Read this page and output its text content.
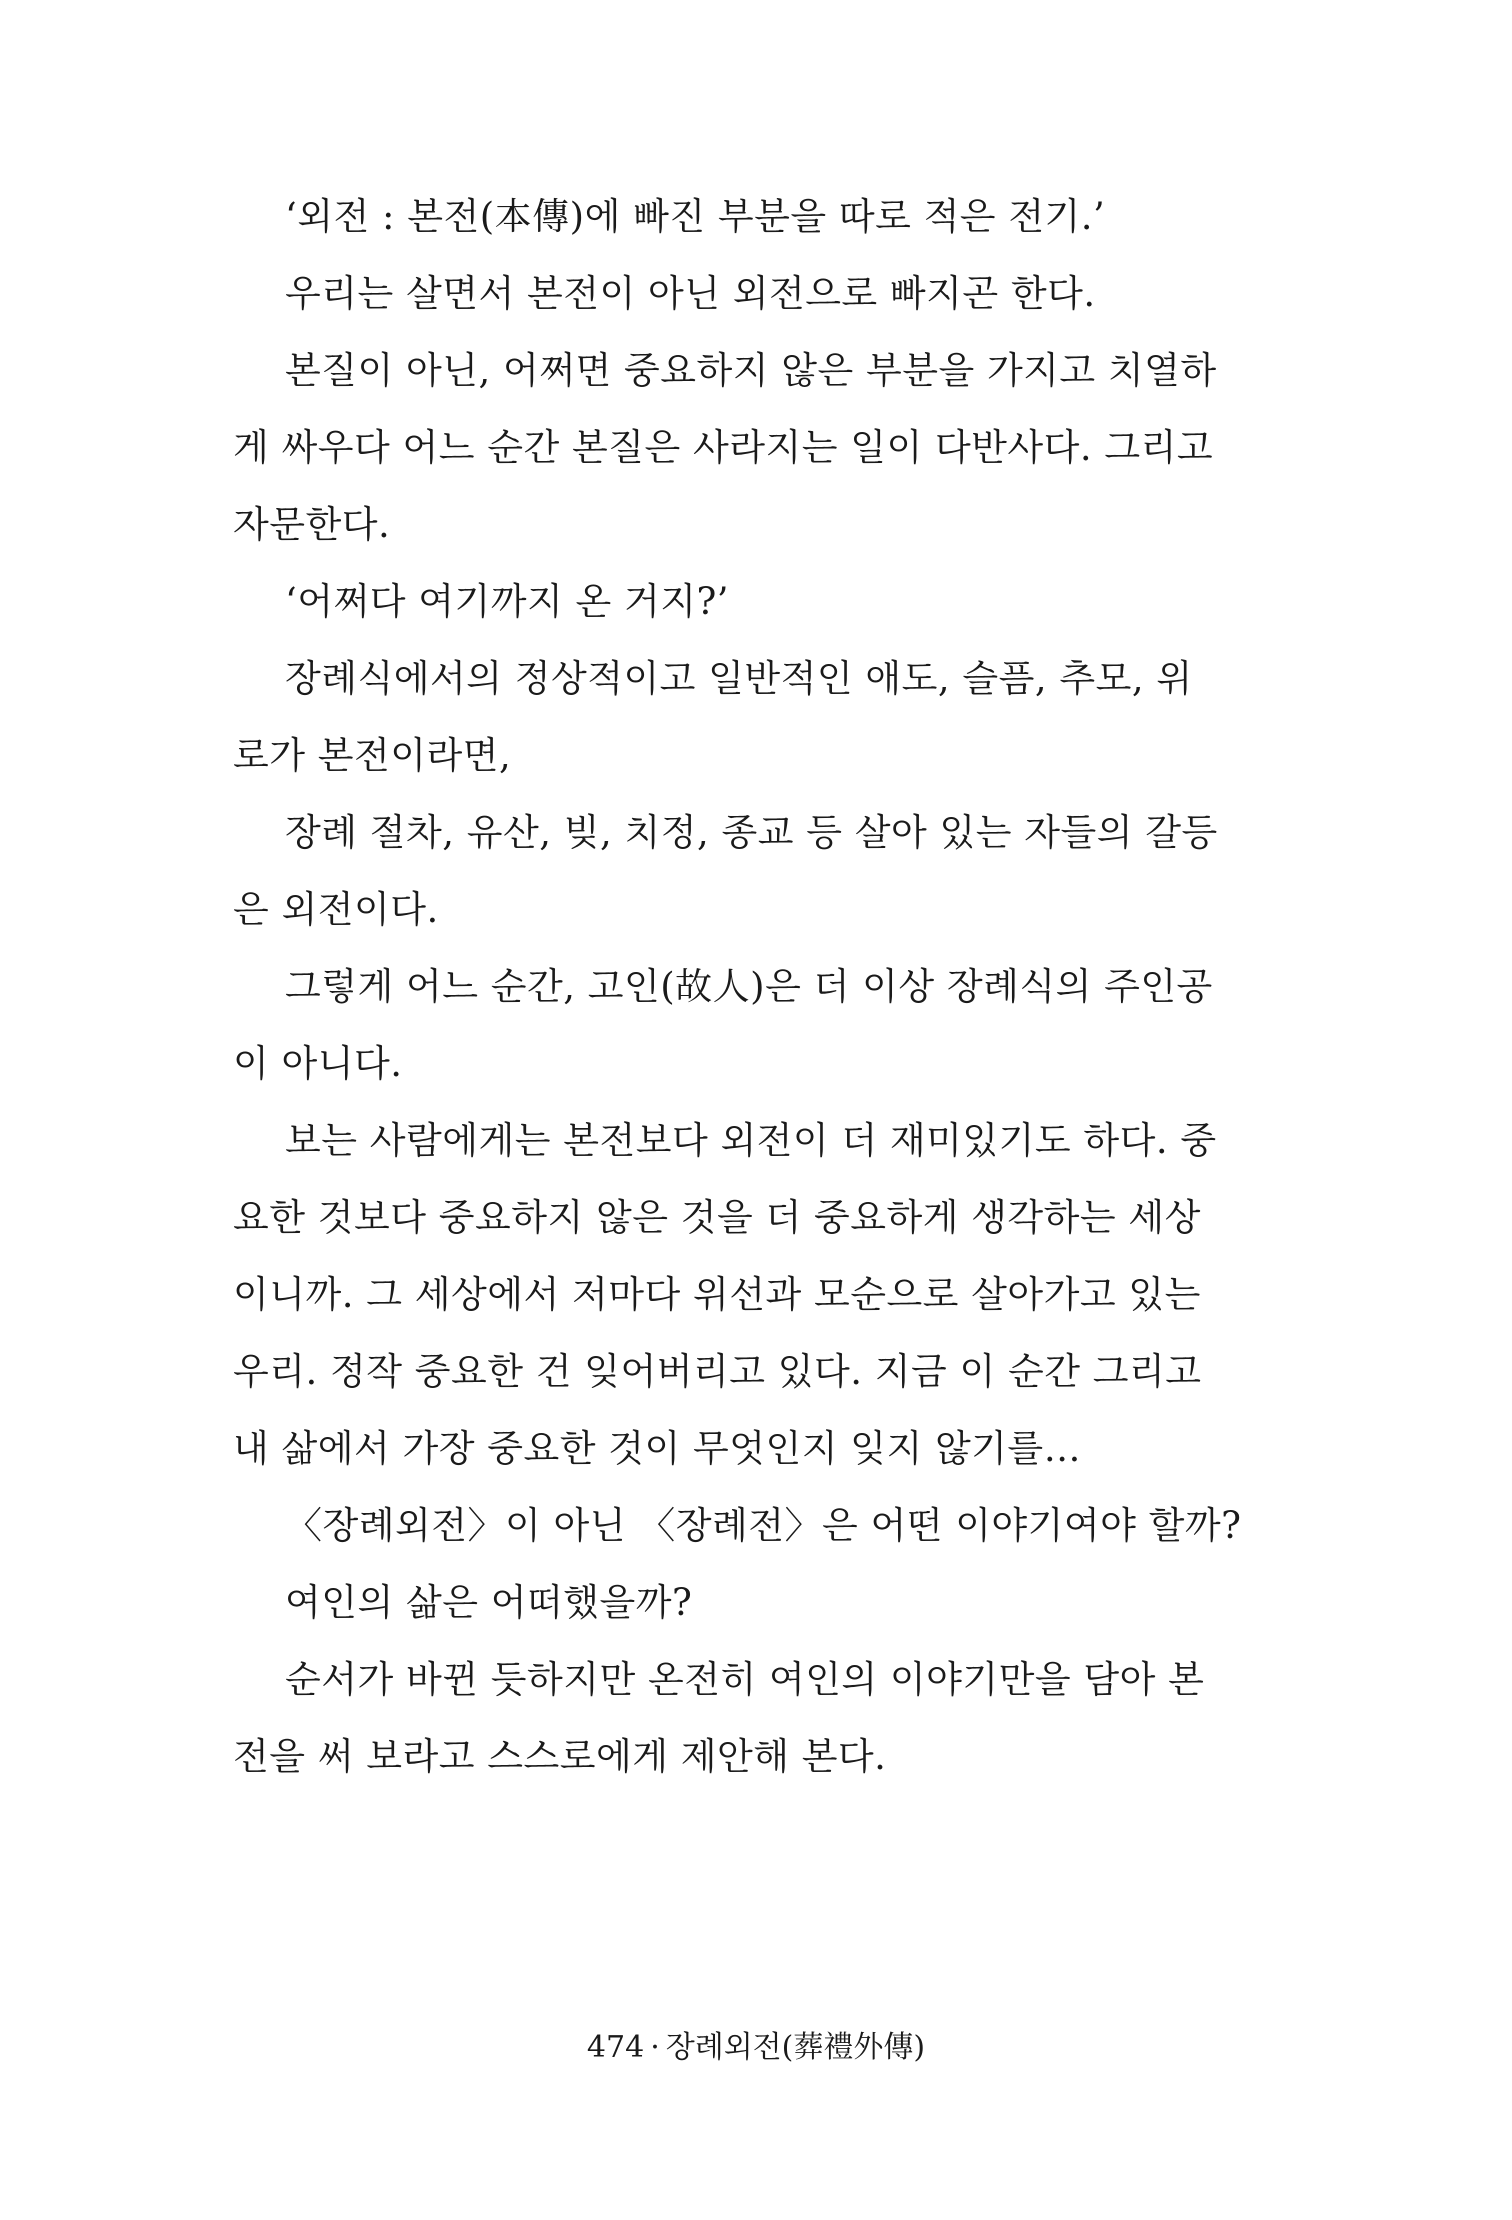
‘외전 : 본전(本傳)에 빠진 부분을 따로 적은 전기.’
우리는 살면서 본전이 아닌 외전으로 빠지곤 한다.
본질이 아닌, 어쩌면 중요하지 않은 부분을 가지고 치열하
게 싸우다 어느 순간 본질은 사라지는 일이 다반사다. 그리고
자문한다.
‘어쩌다 여기까지 온 거지?’
장례식에서의 정상적이고 일반적인 애도, 슬픔, 추모, 위
로가 본전이라면,
장례 절차, 유산, 빚, 치정, 종교 등 살아 있는 자들의 갈등
은 외전이다.
그렇게 어느 순간, 고인(故人)은 더 이상 장례식의 주인공
이 아니다.
보는 사람에게는 본전보다 외전이 더 재미있기도 하다. 중
요한 것보다 중요하지 않은 것을 더 중요하게 생각하는 세상
이니까. 그 세상에서 저마다 위선과 모순으로 살아가고 있는
우리. 정작 중요한 건 잊어버리고 있다. 지금 이 순간 그리고
내 삶에서 가장 중요한 것이 무엇인지 잊지 않기를…
〈장례외전〉이 아닌 〈장례전〉은 어떤 이야기여야 할까?
여인의 삶은 어떠했을까?
순서가 바뀐 듯하지만 온전히 여인의 이야기만을 담아 본
전을 써 보라고 스스로에게 제안해 본다.
474 · 장례외전(葬禮外傳)
